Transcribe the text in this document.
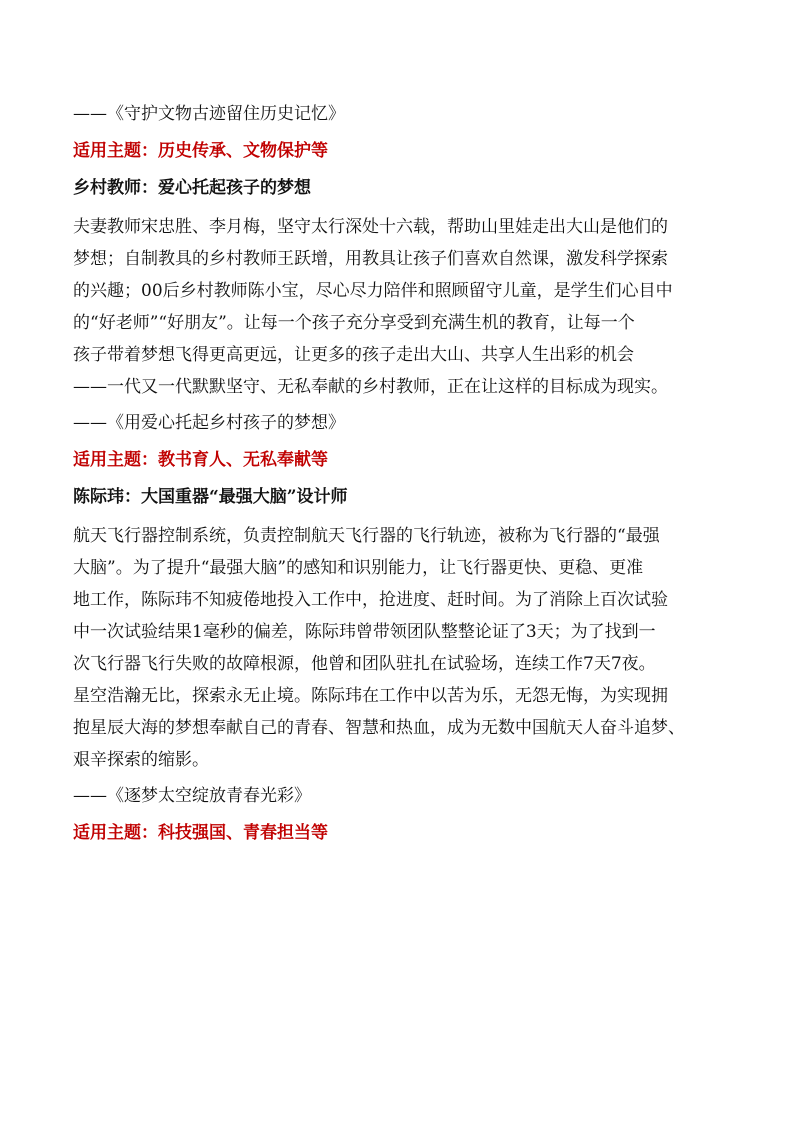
——《守护文物古迹留住历史记忆》
适用主题：历史传承、文物保护等
乡村教师：爱心托起孩子的梦想
夫妻教师宋忠胜、李月梅，坚守太行深处十六载，帮助山里娃走出大山是他们的
梦想；自制教具的乡村教师王跃增，用教具让孩子们喜欢自然课，激发科学探索
的兴趣；00后乡村教师陈小宝，尽心尽力陪伴和照顾留守儿童，是学生们心目中
的“好老师”“好朋友”。让每一个孩子充分享受到充满生机的教育，让每一个
孩子带着梦想飞得更高更远，让更多的孩子走出大山、共享人生出彩的机会
——一代又一代默默坚守、无私奉献的乡村教师，正在让这样的目标成为现实。
——《用爱心托起乡村孩子的梦想》
适用主题：教书育人、无私奉献等
陈际玮：大国重器“最强大脑”设计师
航天飞行器控制系统，负责控制航天飞行器的飞行轨迹，被称为飞行器的“最强
大脑”。为了提升“最强大脑”的感知和识别能力，让飞行器更快、更稳、更准
地工作，陈际玮不知疲倦地投入工作中，抢进度、赶时间。为了消除上百次试验
中一次试验结果1毫秒的偏差，陈际玮曾带领团队整整论证了3天；为了找到一
次飞行器飞行失败的故障根源，他曾和团队驻扎在试验场，连续工作7天7夜。
星空浩瀚无比，探索永无止境。陈际玮在工作中以苦为乐，无怨无悔，为实现拥
抱星辰大海的梦想奉献自己的青春、智慧和热血，成为无数中国航天人奋斗追梦、
艰辛探索的缩影。
——《逐梦太空绽放青春光彩》
适用主题：科技强国、青春担当等
